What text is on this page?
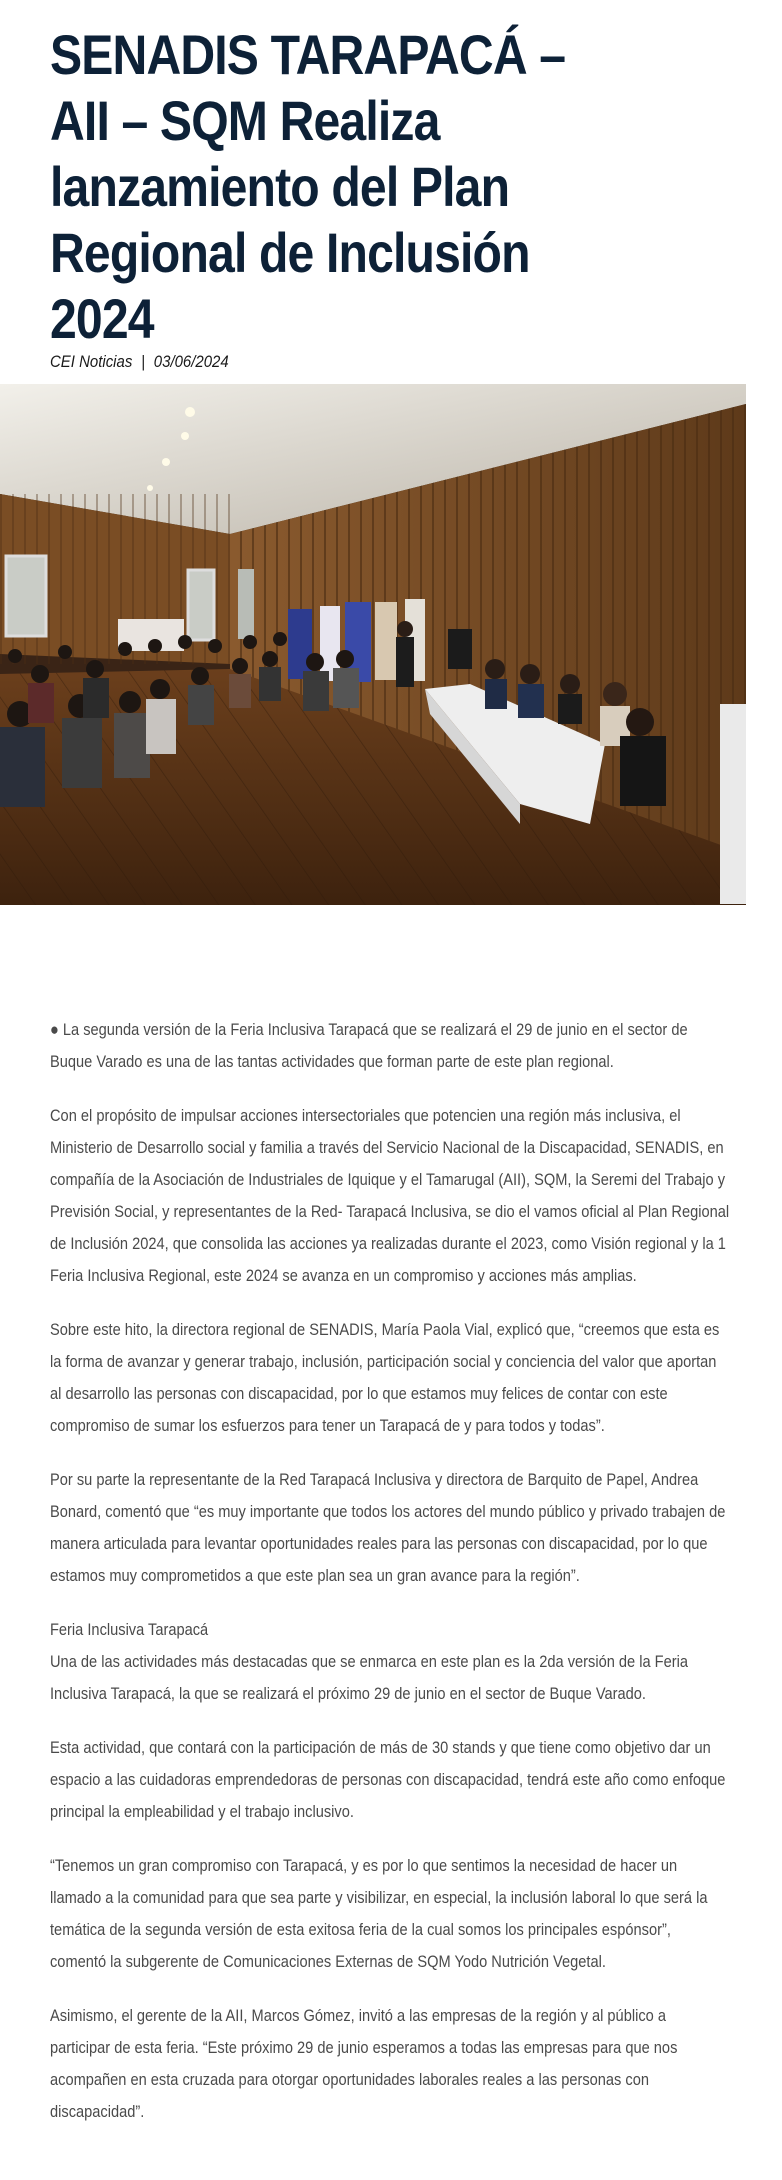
SENADIS TARAPACÁ – AII – SQM Realiza lanzamiento del Plan Regional de Inclusión 2024
CEI Noticias | 03/06/2024

● La segunda versión de la Feria Inclusiva Tarapacá que se realizará el 29 de junio en el sector de Buque Varado es una de las tantas actividades que forman parte de este plan regional.

Con el propósito de impulsar acciones intersectoriales que potencien una región más inclusiva, el Ministerio de Desarrollo social y familia a través del Servicio Nacional de la Discapacidad, SENADIS, en compañía de la Asociación de Industriales de Iquique y el Tamarugal (AII), SQM, la Seremi del Trabajo y Previsión Social, y representantes de la Red- Tarapacá Inclusiva, se dio el vamos oficial al Plan Regional de Inclusión 2024, que consolida las acciones ya realizadas durante el 2023, como Visión regional y la 1 Feria Inclusiva Regional, este 2024 se avanza en un compromiso y acciones más amplias.

Sobre este hito, la directora regional de SENADIS, María Paola Vial, explicó que, “creemos que esta es la forma de avanzar y generar trabajo, inclusión, participación social y conciencia del valor que aportan al desarrollo las personas con discapacidad, por lo que estamos muy felices de contar con este compromiso de sumar los esfuerzos para tener un Tarapacá de y para todos y todas”.

Por su parte la representante de la Red Tarapacá Inclusiva y directora de Barquito de Papel, Andrea Bonard, comentó que “es muy importante que todos los actores del mundo público y privado trabajen de manera articulada para levantar oportunidades reales para las personas con discapacidad, por lo que estamos muy comprometidos a que este plan sea un gran avance para la región”.

Feria Inclusiva Tarapacá

Una de las actividades más destacadas que se enmarca en este plan es la 2da versión de la Feria Inclusiva Tarapacá, la que se realizará el próximo 29 de junio en el sector de Buque Varado.

Esta actividad, que contará con la participación de más de 30 stands y que tiene como objetivo dar un espacio a las cuidadoras emprendedoras de personas con discapacidad, tendrá este año como enfoque principal la empleabilidad y el trabajo inclusivo.

“Tenemos un gran compromiso con Tarapacá, y es por lo que sentimos la necesidad de hacer un llamado a la comunidad para que sea parte y visibilizar, en especial, la inclusión laboral lo que será la temática de la segunda versión de esta exitosa feria de la cual somos los principales espónsor”, comentó la subgerente de Comunicaciones Externas de SQM Yodo Nutrición Vegetal.

Asimismo, el gerente de la AII, Marcos Gómez, invitó a las empresas de la región y al público a participar de esta feria. “Este próximo 29 de junio esperamos a todas las empresas para que nos acompañen en esta cruzada para otorgar oportunidades laborales reales a las personas con discapacidad”.
